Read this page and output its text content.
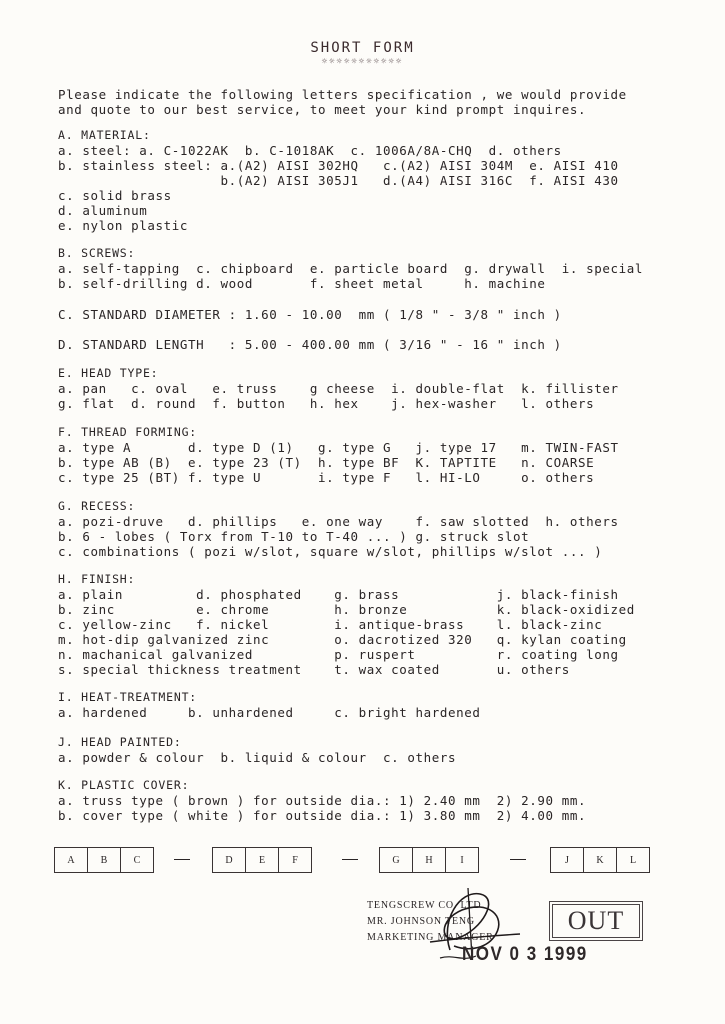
SHORT FORM
☼☼☼☼☼☼☼☼☼☼☼
Please indicate the following letters specification , we would provide
and quote to our best service, to meet your kind prompt inquires.
A. MATERIAL:
a. steel: a. C-1022AK  b. C-1018AK  c. 1006A/8A-CHQ  d. others
b. stainless steel: a.(A2) AISI 302HQ   c.(A2) AISI 304M  e. AISI 410
b.(A2) AISI 305J1   d.(A4) AISI 316C  f. AISI 430
c. solid brass
d. aluminum
e. nylon plastic
B. SCREWS:
a. self-tapping  c. chipboard  e. particle board  g. drywall  i. special
b. self-drilling d. wood       f. sheet metal     h. machine
C. STANDARD DIAMETER : 1.60 - 10.00  mm ( 1/8 " - 3/8 " inch )
D. STANDARD LENGTH   : 5.00 - 400.00 mm ( 3/16 " - 16 " inch )
E. HEAD TYPE:
a. pan   c. oval   e. truss    g cheese  i. double-flat  k. fillister
g. flat  d. round  f. button   h. hex    j. hex-washer   l. others
F. THREAD FORMING:
a. type A       d. type D (1)   g. type G   j. type 17   m. TWIN-FAST
b. type AB (B)  e. type 23 (T)  h. type BF  K. TAPTITE   n. COARSE
c. type 25 (BT) f. type U       i. type F   l. HI-LO     o. others
G. RECESS:
a. pozi-druve   d. phillips   e. one way    f. saw slotted  h. others
b. 6 - lobes ( Torx from T-10 to T-40 ... ) g. struck slot
c. combinations ( pozi w/slot, square w/slot, phillips w/slot ... )
H. FINISH:
a. plain         d. phosphated    g. brass            j. black-finish
b. zinc          e. chrome        h. bronze           k. black-oxidized
c. yellow-zinc   f. nickel        i. antique-brass    l. black-zinc
m. hot-dip galvanized zinc        o. dacrotized 320   q. kylan coating
n. machanical galvanized          p. ruspert          r. coating long
s. special thickness treatment    t. wax coated       u. others
I. HEAT-TREATMENT:
a. hardened     b. unhardened     c. bright hardened
J. HEAD PAINTED:
a. powder & colour  b. liquid & colour  c. others
K. PLASTIC COVER:
a. truss type ( brown ) for outside dia.: 1) 2.40 mm  2) 2.90 mm.
b. cover type ( white ) for outside dia.: 1) 3.80 mm  2) 4.00 mm.
A	B	C	D	E	F	G	H	I	J	K	L
TENGSCREW CO. LTD.
MR. JOHNSON TENG
MARKETING MANAGER
OUT
NOV 0 3 1999
